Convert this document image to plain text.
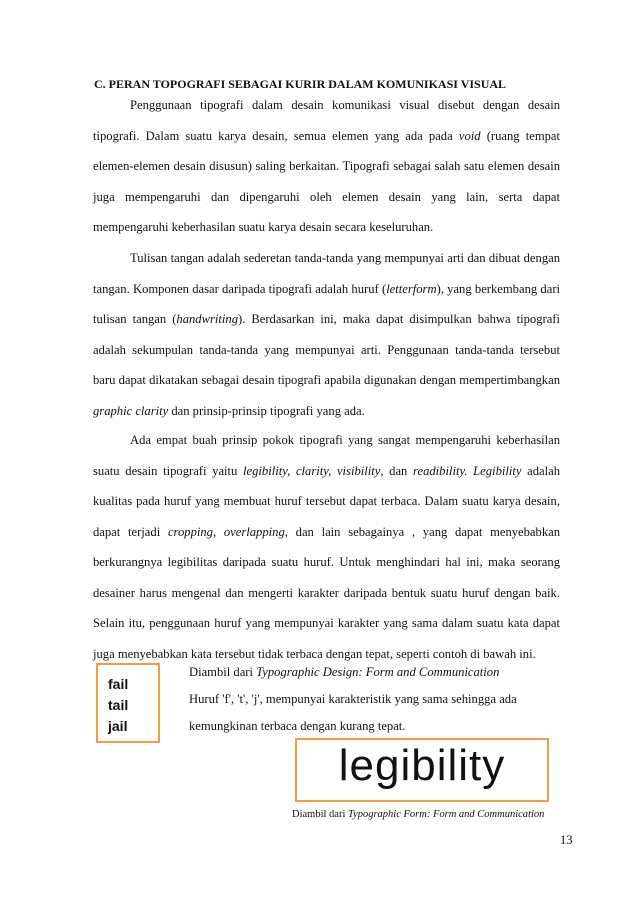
C. PERAN TOPOGRAFI SEBAGAI KURIR DALAM KOMUNIKASI VISUAL

Penggunaan tipografi dalam desain komunikasi visual disebut dengan desain tipografi. Dalam suatu karya desain, semua elemen yang ada pada void (ruang tempat elemen-elemen desain disusun) saling berkaitan. Tipografi sebagai salah satu elemen desain juga mempengaruhi dan dipengaruhi oleh elemen desain yang lain, serta dapat mempengaruhi keberhasilan suatu karya desain secara keseluruhan.

Tulisan tangan adalah sederetan tanda-tanda yang mempunyai arti dan dibuat dengan tangan. Komponen dasar daripada tipografi adalah huruf (letterform), yang berkembang dari tulisan tangan (handwriting). Berdasarkan ini, maka dapat disimpulkan bahwa tipografi adalah sekumpulan tanda-tanda yang mempunyai arti. Penggunaan tanda-tanda tersebut baru dapat dikatakan sebagai desain tipografi apabila digunakan dengan mempertimbangkan graphic clarity dan prinsip-prinsip tipografi yang ada.

Ada empat buah prinsip pokok tipografi yang sangat mempengaruhi keberhasilan suatu desain tipografi yaitu legibility, clarity, visibility, dan readibility. Legibility adalah kualitas pada huruf yang membuat huruf tersebut dapat terbaca. Dalam suatu karya desain, dapat terjadi cropping, overlapping, dan lain sebagainya , yang dapat menyebabkan berkurangnya legibilitas daripada suatu huruf. Untuk menghindari hal ini, maka seorang desainer harus mengenal dan mengerti karakter daripada bentuk suatu huruf dengan baik. Selain itu, penggunaan huruf yang mempunyai karakter yang sama dalam suatu kata dapat juga menyebabkan kata tersebut tidak terbaca dengan tepat, seperti contoh di bawah ini.

fail
tail
jail
Diambil dari Typographic Design: Form and Communication
Huruf 'f', 't', 'j', mempunyai karakteristik yang sama sehingga ada
kemungkinan terbaca dengan kurang tepat.
legibility
Diambil dari Typographic Form: Form and Communication
13
